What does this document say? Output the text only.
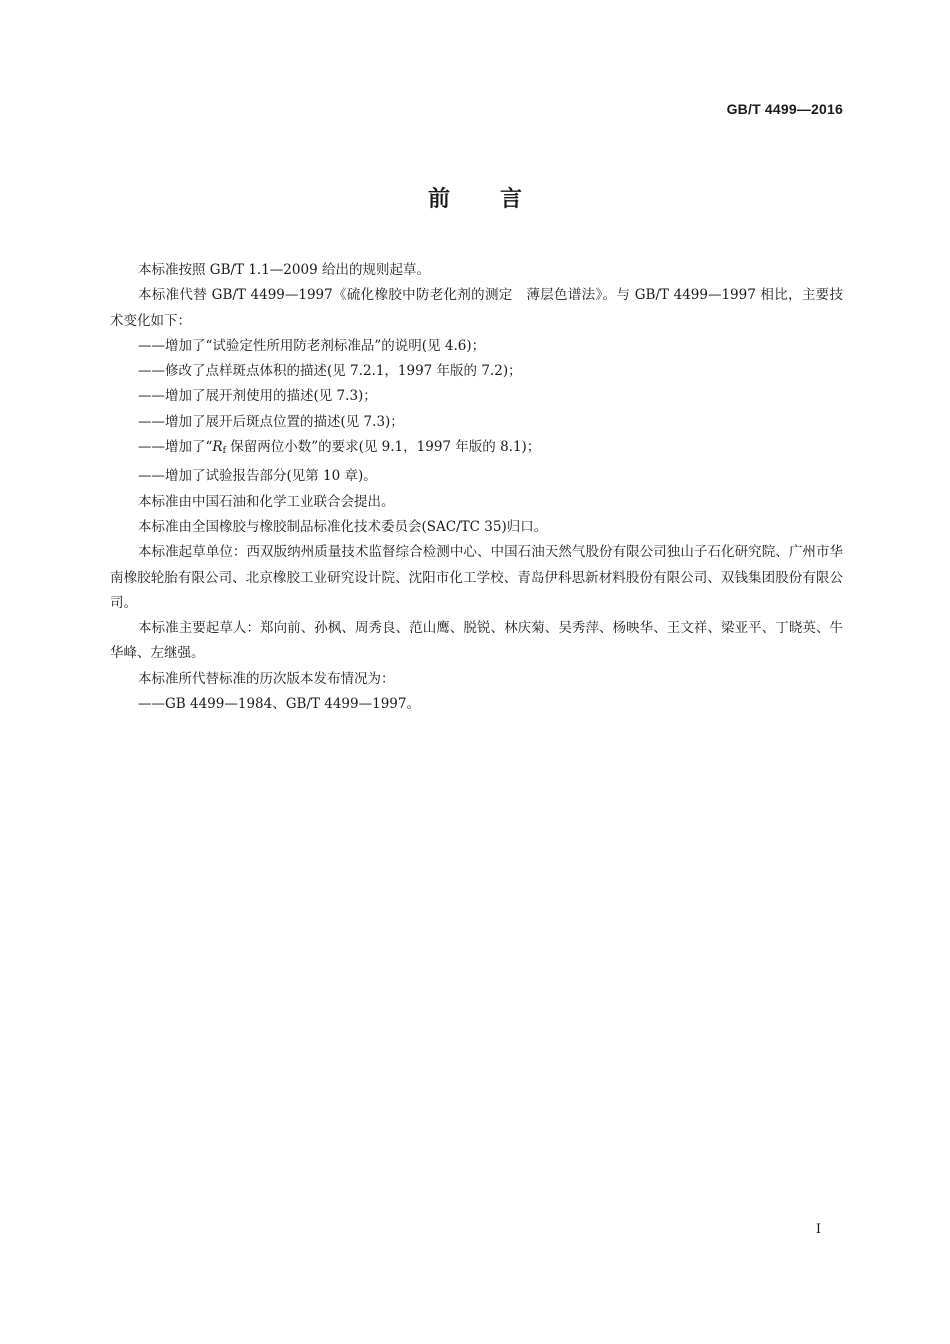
GB/T 4499—2016
前 言

本标准按照 GB/T 1.1—2009 给出的规则起草。

本标准代替 GB/T 4499—1997《硫化橡胶中防老化剂的测定　薄层色谱法》。与 GB/T 4499—1997 相比，主要技术变化如下：

——增加了“试验定性所用防老剂标准品”的说明(见 4.6)；

——修改了点样斑点体积的描述(见 7.2.1，1997 年版的 7.2)；

——增加了展开剂使用的描述(见 7.3)；

——增加了展开后斑点位置的描述(见 7.3)；

——增加了“$R_f$ 保留两位小数”的要求(见 9.1，1997 年版的 8.1)；

——增加了试验报告部分(见第 10 章)。

本标准由中国石油和化学工业联合会提出。

本标准由全国橡胶与橡胶制品标准化技术委员会(SAC/TC 35)归口。

本标准起草单位：西双版纳州质量技术监督综合检测中心、中国石油天然气股份有限公司独山子石化研究院、广州市华南橡胶轮胎有限公司、北京橡胶工业研究设计院、沈阳市化工学校、青岛伊科思新材料股份有限公司、双钱集团股份有限公司。

本标准主要起草人：郑向前、孙枫、周秀良、范山鹰、脱锐、林庆菊、吴秀萍、杨映华、王文祥、梁亚平、丁晓英、牛华峰、左继强。

本标准所代替标准的历次版本发布情况为：

——GB 4499—1984、GB/T 4499—1997。

I
